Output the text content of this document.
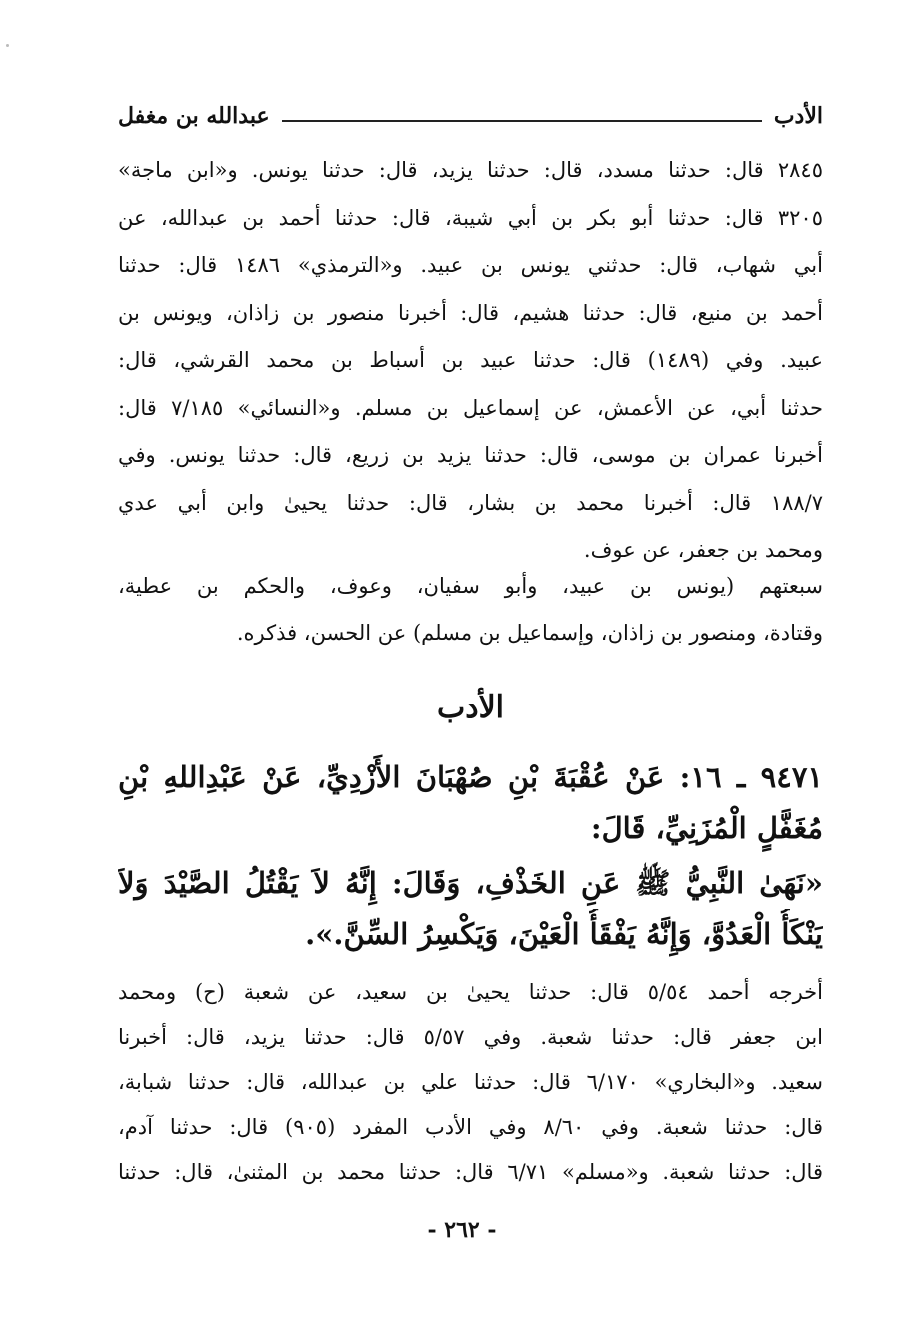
الأدب
عبدالله بن مغفل
٢٨٤٥ قال: حدثنا مسدد، قال: حدثنا يزيد، قال: حدثنا يونس. و«ابن ماجة»
٣٢٠٥ قال: حدثنا أبو بكر بن أبي شيبة، قال: حدثنا أحمد بن عبدالله، عن
أبي شهاب، قال: حدثني يونس بن عبيد. و«الترمذي» ١٤٨٦ قال: حدثنا
أحمد بن منيع، قال: حدثنا هشيم، قال: أخبرنا منصور بن زاذان، ويونس بن
عبيد. وفي (١٤٨٩) قال: حدثنا عبيد بن أسباط بن محمد القرشي، قال:
حدثنا أبي، عن الأعمش، عن إسماعيل بن مسلم. و«النسائي» ٧/١٨٥ قال:
أخبرنا عمران بن موسى، قال: حدثنا يزيد بن زريع، قال: حدثنا يونس. وفي
١٨٨/٧ قال: أخبرنا محمد بن بشار، قال: حدثنا يحيىٰ وابن أبي عدي
ومحمد بن جعفر، عن عوف.
سبعتهم (يونس بن عبيد، وأبو سفيان، وعوف، والحكم بن عطية،
وقتادة، ومنصور بن زاذان، وإسماعيل بن مسلم) عن الحسن، فذكره.
الأدب
٩٤٧١ ـ ١٦: عَنْ عُقْبَةَ بْنِ صُهْبَانَ الأَزْدِيِّ، عَنْ عَبْدِاللهِ بْنِ
مُغَفَّلٍ الْمُزَنِيِّ، قَالَ:
«نَهَىٰ النَّبِيُّ ﷺ عَنِ الخَذْفِ، وَقَالَ: إِنَّهُ لاَ يَقْتُلُ الصَّيْدَ وَلاَ
يَنْكَأُ الْعَدُوَّ، وَإِنَّهُ يَفْقَأُ الْعَيْنَ، وَيَكْسِرُ السِّنَّ.».
أخرجه أحمد ٥/٥٤ قال: حدثنا يحيىٰ بن سعيد، عن شعبة (ح) ومحمد
ابن جعفر قال: حدثنا شعبة. وفي ٥/٥٧ قال: حدثنا يزيد، قال: أخبرنا
سعيد. و«البخاري» ٦/١٧٠ قال: حدثنا علي بن عبدالله، قال: حدثنا شبابة،
قال: حدثنا شعبة. وفي ٨/٦٠ وفي الأدب المفرد (٩٠٥) قال: حدثنا آدم،
قال: حدثنا شعبة. و«مسلم» ٦/٧١ قال: حدثنا محمد بن المثنىٰ، قال: حدثنا
- ٢٦٢ -
